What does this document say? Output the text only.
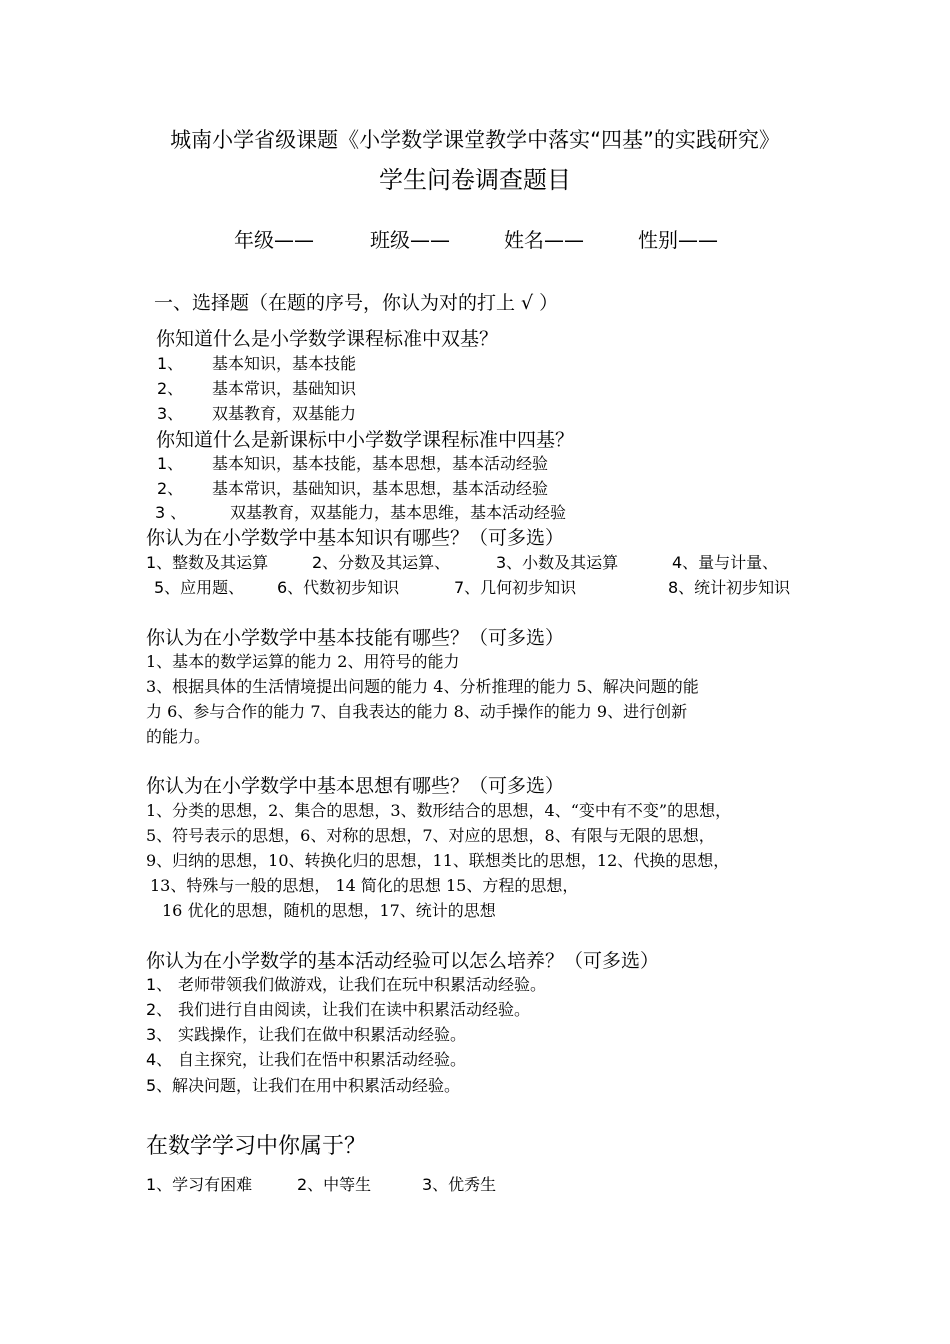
城南小学省级课题《小学数学课堂教学中落实“四基”的实践研究》
学生问卷调查题目
年级——	班级——	姓名——	性别——
一、选择题（在题的序号，你认为对的打上 √ ）
你知道什么是小学数学课程标准中双基？
1、 基本知识，基本技能
2、 基本常识，基础知识
3、 双基教育，双基能力
你知道什么是新课标中小学数学课程标准中四基？
1、 基本知识，基本技能，基本思想，基本活动经验
2、 基本常识，基础知识，基本思想，基本活动经验
3 、	双基教育，双基能力，基本思维，基本活动经验
你认为在小学数学中基本知识有哪些？（可多选）
1、整数及其运算	2、分数及其运算、	3、小数及其运算	4、量与计量、
5、应用题、 6、代数初步知识	7、几何初步知识	8、统计初步知识
你认为在小学数学中基本技能有哪些？（可多选）
1、基本的数学运算的能力 2、用符号的能力
3、根据具体的生活情境提出问题的能力 4、分析推理的能力 5、解决问题的能
力 6、参与合作的能力 7、自我表达的能力 8、动手操作的能力 9、进行创新
的能力。
你认为在小学数学中基本思想有哪些？（可多选）
1、分类的思想，2、集合的思想，3、数形结合的思想，4、“变中有不变”的思想，
5、符号表示的思想，6、对称的思想，7、对应的思想，8、有限与无限的思想，
9、归纳的思想，10、转换化归的思想，11、联想类比的思想，12、代换的思想，
13、特殊与一般的思想， 14 简化的思想 15、方程的思想，
16 优化的思想，随机的思想，17、统计的思想
你认为在小学数学的基本活动经验可以怎么培养？（可多选）
1、 老师带领我们做游戏，让我们在玩中积累活动经验。
2、 我们进行自由阅读，让我们在读中积累活动经验。
3、 实践操作，让我们在做中积累活动经验。
4、 自主探究，让我们在悟中积累活动经验。
5、 解决问题，让我们在用中积累活动经验。
在数学学习中你属于？
1、学习有困难	2、中等生	3、优秀生
